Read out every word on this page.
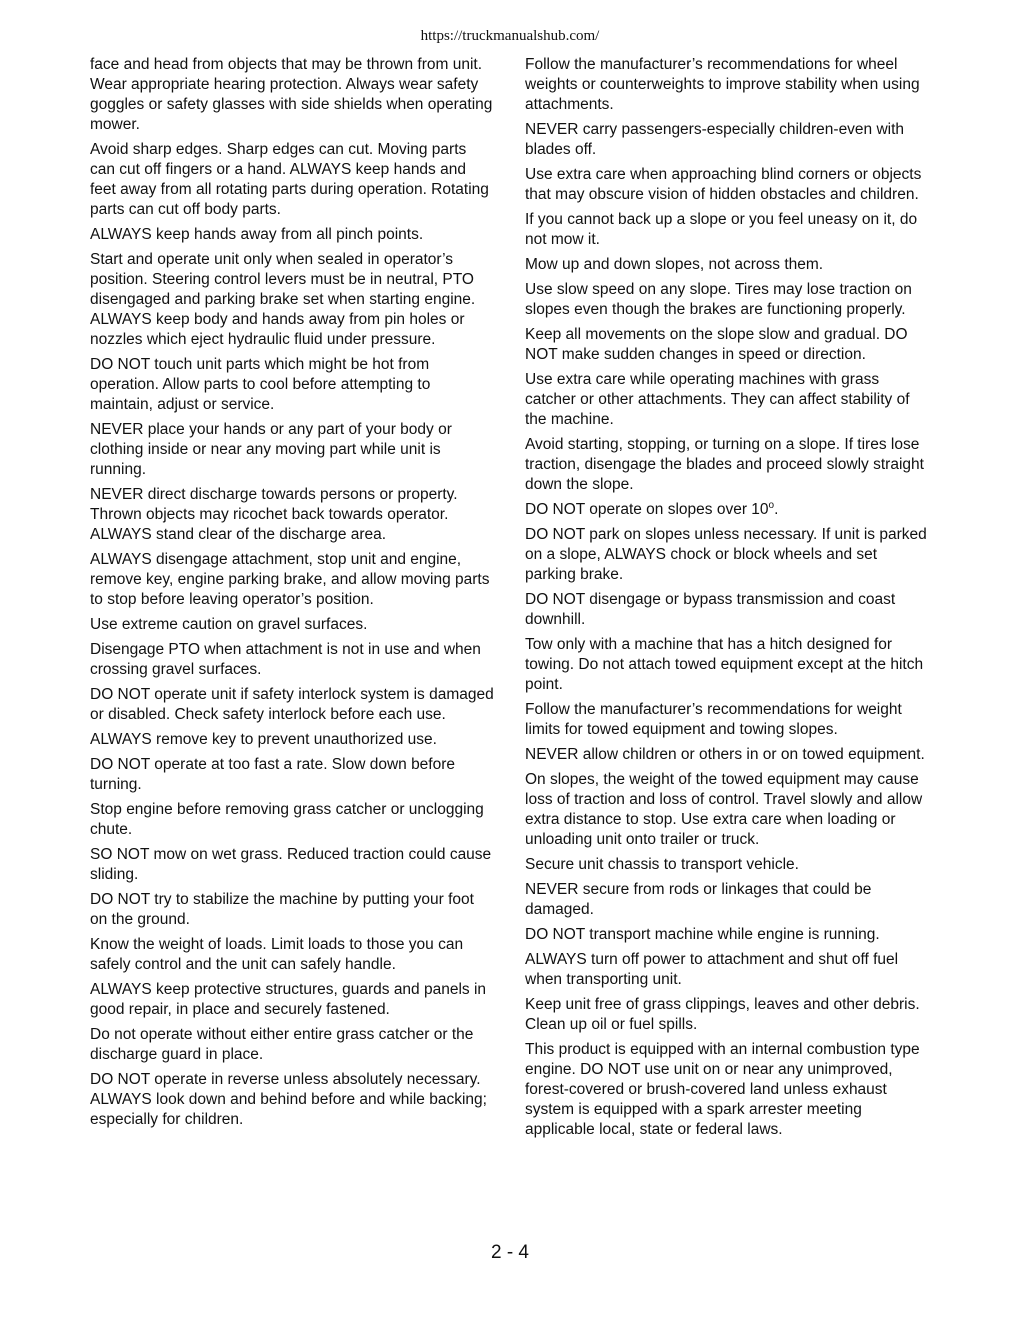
https://truckmanualshub.com/

face and head from objects that may be thrown from unit. Wear appropriate hearing protection. Always wear safety goggles or safety glasses with side shields when operating mower.

Avoid sharp edges. Sharp edges can cut. Moving parts can cut off fingers or a hand. ALWAYS keep hands and feet away from all rotating parts during operation. Rotating parts can cut off body parts.

ALWAYS keep hands away from all pinch points.

Start and operate unit only when sealed in operator’s position. Steering control levers must be in neutral, PTO disengaged and parking brake set when starting engine. ALWAYS keep body and hands away from pin holes or nozzles which eject hydraulic fluid under pressure.

DO NOT touch unit parts which might be hot from operation. Allow parts to cool before attempting to maintain, adjust or service.

NEVER place your hands or any part of your body or clothing inside or near any moving part while unit is running.

NEVER direct discharge towards persons or property. Thrown objects may ricochet back towards operator. ALWAYS stand clear of the discharge area.

ALWAYS disengage attachment, stop unit and engine, remove key, engine parking brake, and allow moving parts to stop before leaving operator’s position.

Use extreme caution on gravel surfaces.

Disengage PTO when attachment is not in use and when crossing gravel surfaces.

DO NOT operate unit if safety interlock system is damaged or disabled. Check safety interlock before each use.

ALWAYS remove key to prevent unauthorized use.

DO NOT operate at too fast a rate. Slow down before turning.

Stop engine before removing grass catcher or unclogging chute.

SO NOT mow on wet grass. Reduced traction could cause sliding.

DO NOT try to stabilize the machine by putting your foot on the ground.

Know the weight of loads. Limit loads to those you can safely control and the unit can safely handle.

ALWAYS keep protective structures, guards and panels in good repair, in place and securely fastened.

Do not operate without either entire grass catcher or the discharge guard in place.

DO NOT operate in reverse unless absolutely necessary. ALWAYS look down and behind before and while backing; especially for children.

Follow the manufacturer’s recommendations for wheel weights or counterweights to improve stability when using attachments.

NEVER carry passengers-especially children-even with blades off.

Use extra care when approaching blind corners or objects that may obscure vision of hidden obstacles and children.

If you cannot back up a slope or you feel uneasy on it, do not mow it.

Mow up and down slopes, not across them.

Use slow speed on any slope. Tires may lose traction on slopes even though the brakes are functioning properly.

Keep all movements on the slope slow and gradual. DO NOT make sudden changes in speed or direction.

Use extra care while operating machines with grass catcher or other attachments. They can affect stability of the machine.

Avoid starting, stopping, or turning on a slope. If tires lose traction, disengage the blades and proceed slowly straight down the slope.

DO NOT operate on slopes over 10$^o$.

DO NOT park on slopes unless necessary. If unit is parked on a slope, ALWAYS chock or block wheels and set parking brake.

DO NOT disengage or bypass transmission and coast downhill.

Tow only with a machine that has a hitch designed for towing. Do not attach towed equipment except at the hitch point.

Follow the manufacturer’s recommendations for weight limits for towed equipment and towing slopes.

NEVER allow children or others in or on towed equipment.

On slopes, the weight of the towed equipment may cause loss of traction and loss of control. Travel slowly and allow extra distance to stop. Use extra care when loading or unloading unit onto trailer or truck.

Secure unit chassis to transport vehicle.

NEVER secure from rods or linkages that could be damaged.

DO NOT transport machine while engine is running.

ALWAYS turn off power to attachment and shut off fuel when transporting unit.

Keep unit free of grass clippings, leaves and other debris. Clean up oil or fuel spills.

This product is equipped with an internal combustion type engine. DO NOT use unit on or near any unimproved, forest-covered or brush-covered land unless exhaust system is equipped with a spark arrester meeting applicable local, state or federal laws.

2 - 4
